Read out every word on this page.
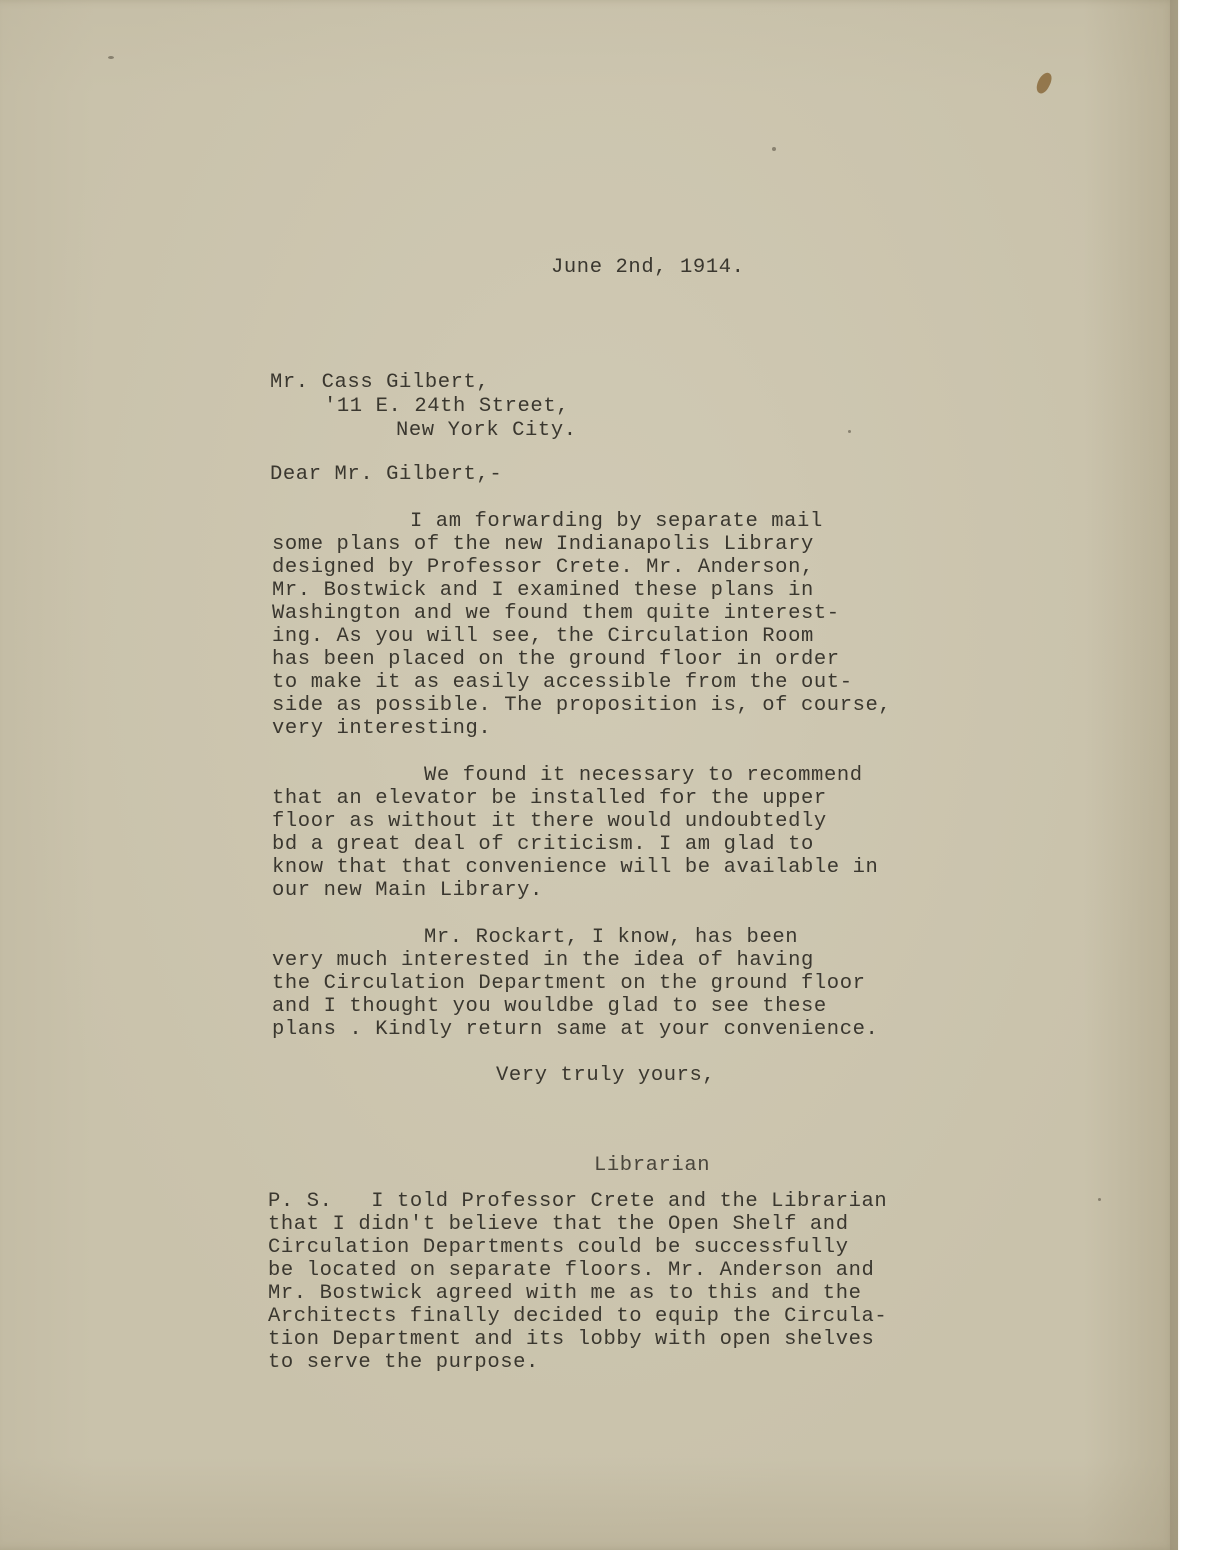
June 2nd, 1914.

Mr. Cass Gilbert,

'11 E. 24th Street,

New York City.

Dear Mr. Gilbert,-

I am forwarding by separate mail

some plans of the new Indianapolis Library

designed by Professor Crete. Mr. Anderson,

Mr. Bostwick and I examined these plans in

Washington and we found them quite interest-

ing. As you will see, the Circulation Room

has been placed on the ground floor in order

to make it as easily accessible from the out-

side as possible. The proposition is, of course,

very interesting.

We found it necessary to recommend

that an elevator be installed for the upper

floor as without it there would undoubtedly

bd a great deal of criticism. I am glad to

know that that convenience will be available in

our new Main Library.

Mr. Rockart, I know, has been

very much interested in the idea of having

the Circulation Department on the ground floor

and I thought you wouldbe glad to see these

plans . Kindly return same at your convenience.

Very truly yours,

Librarian

P. S.   I told Professor Crete and the Librarian

that I didn't believe that the Open Shelf and

Circulation Departments could be successfully

be located on separate floors. Mr. Anderson and

Mr. Bostwick agreed with me as to this and the

Architects finally decided to equip the Circula-

tion Department and its lobby with open shelves

to serve the purpose.
